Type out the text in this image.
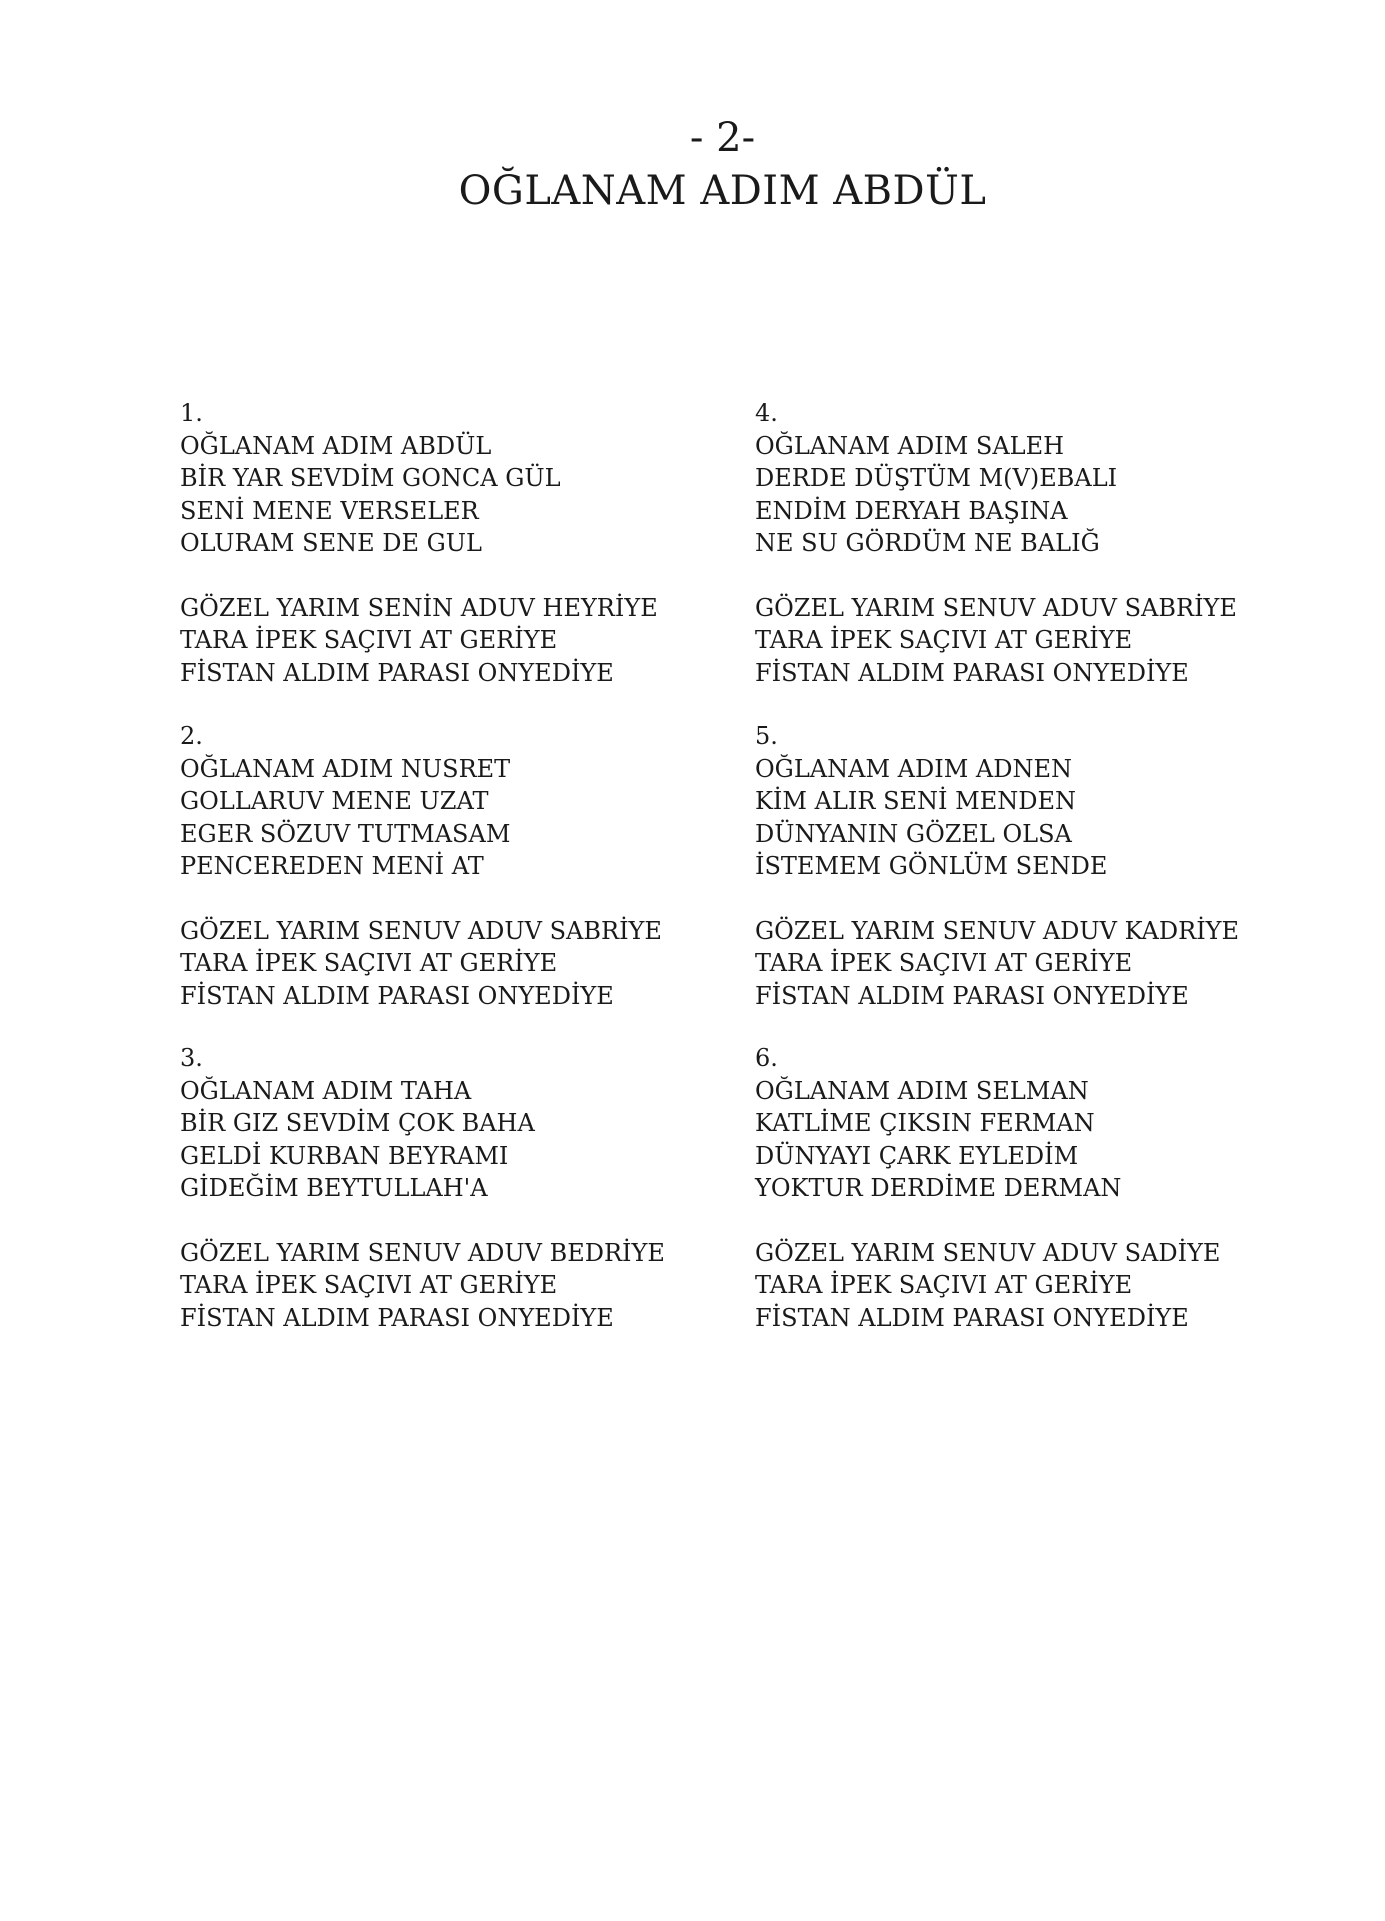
- 2-
OĞLANAM ADIM ABDÜL
1.
OĞLANAM ADIM ABDÜL
BİR YAR SEVDİM GONCA GÜL
SENİ MENE VERSELER
OLURAM SENE DE GUL
GÖZEL YARIM SENİN ADUV HEYRİYE
TARA İPEK SAÇIVI AT GERİYE
FİSTAN ALDIM PARASI ONYEDİYE
2.
OĞLANAM ADIM NUSRET
GOLLARUV MENE UZAT
EGER SÖZUV TUTMASAM
PENCEREDEN MENİ AT
GÖZEL YARIM SENUV ADUV SABRİYE
TARA İPEK SAÇIVI AT GERİYE
FİSTAN ALDIM PARASI ONYEDİYE
3.
OĞLANAM ADIM TAHA
BİR GIZ SEVDİM ÇOK BAHA
GELDİ KURBAN BEYRAMI
GİDEĞİM BEYTULLAH'A
GÖZEL YARIM SENUV ADUV BEDRİYE
TARA İPEK SAÇIVI AT GERİYE
FİSTAN ALDIM PARASI ONYEDİYE
4.
OĞLANAM ADIM SALEH
DERDE DÜŞTÜM M(V)EBALI
ENDİM DERYAH BAŞINA
NE SU GÖRDÜM NE BALIĞ
GÖZEL YARIM SENUV ADUV SABRİYE
TARA İPEK SAÇIVI AT GERİYE
FİSTAN ALDIM PARASI ONYEDİYE
5.
OĞLANAM ADIM ADNEN
KİM ALIR SENİ MENDEN
DÜNYANIN GÖZEL OLSA
İSTEMEM GÖNLÜM SENDE
GÖZEL YARIM SENUV ADUV KADRİYE
TARA İPEK SAÇIVI AT GERİYE
FİSTAN ALDIM PARASI ONYEDİYE
6.
OĞLANAM ADIM SELMAN
KATLİME ÇIKSIN FERMAN
DÜNYAYI ÇARK EYLEDİM
YOKTUR DERDİME DERMAN
GÖZEL YARIM SENUV ADUV SADİYE
TARA İPEK SAÇIVI AT GERİYE
FİSTAN ALDIM PARASI ONYEDİYE
